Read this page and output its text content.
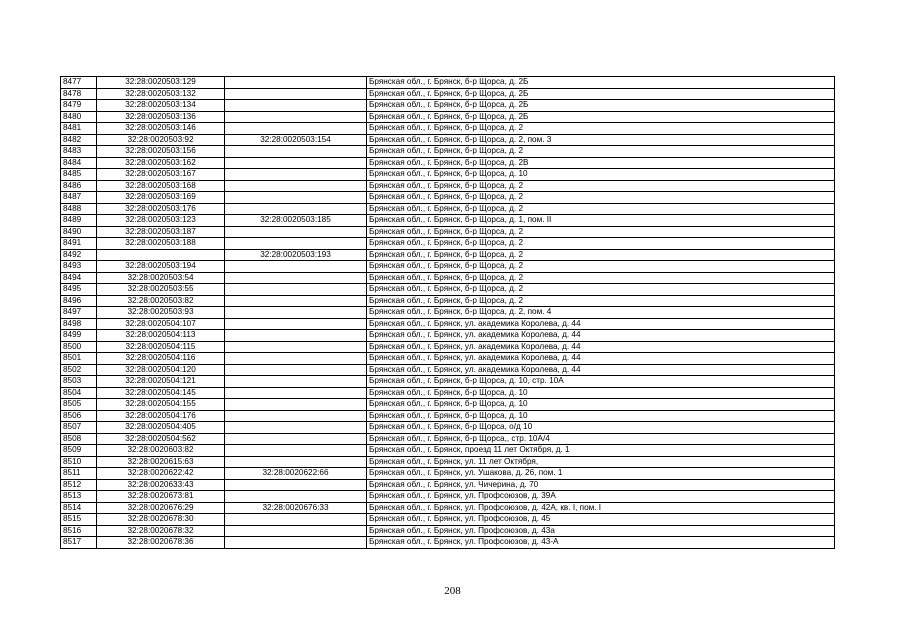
8477	32:28:0020503:129		Брянская обл., г. Брянск, б-р Щорса, д. 2Б
8478	32:28:0020503:132		Брянская обл., г. Брянск, б-р Щорса, д. 2Б
8479	32:28:0020503:134		Брянская обл., г. Брянск, б-р Щорса, д. 2Б
8480	32:28:0020503:136		Брянская обл., г. Брянск, б-р Щорса, д. 2Б
8481	32:28:0020503:146		Брянская обл., г. Брянск, б-р Щорса, д. 2
8482	32:28:0020503:92	32:28:0020503:154	Брянская обл., г. Брянск, б-р Щорса, д. 2, пом. 3
8483	32:28:0020503:156		Брянская обл., г. Брянск, б-р Щорса, д. 2
8484	32:28:0020503:162		Брянская обл., г. Брянск, б-р Щорса, д. 2В
8485	32:28:0020503:167		Брянская обл., г. Брянск, б-р Щорса, д. 10
8486	32:28:0020503:168		Брянская обл., г. Брянск, б-р Щорса, д. 2
8487	32:28:0020503:169		Брянская обл., г. Брянск, б-р Щорса, д. 2
8488	32:28:0020503:176		Брянская обл., г. Брянск, б-р Щорса, д. 2
8489	32:28:0020503:123	32:28:0020503:185	Брянская обл., г. Брянск, б-р Щорса, д. 1, пом. II
8490	32:28:0020503:187		Брянская обл., г. Брянск, б-р Щорса, д. 2
8491	32:28:0020503:188		Брянская обл., г. Брянск, б-р Щорса, д. 2
8492		32:28:0020503:193	Брянская обл., г. Брянск, б-р Щорса, д. 2
8493	32:28:0020503:194		Брянская обл., г. Брянск, б-р Щорса, д. 2
8494	32:28:0020503:54		Брянская обл., г. Брянск, б-р Щорса, д. 2
8495	32:28:0020503:55		Брянская обл., г. Брянск, б-р Щорса, д. 2
8496	32:28:0020503:82		Брянская обл., г. Брянск, б-р Щорса, д. 2
8497	32:28:0020503:93		Брянская обл., г. Брянск, б-р Щорса, д. 2, пом. 4
8498	32:28:0020504:107		Брянская обл., г. Брянск, ул. академика Королева, д. 44
8499	32:28:0020504:113		Брянская обл., г. Брянск, ул. академика Королева, д. 44
8500	32:28:0020504:115		Брянская обл., г. Брянск, ул. академика Королева, д. 44
8501	32:28:0020504:116		Брянская обл., г. Брянск, ул. академика Королева, д. 44
8502	32:28:0020504:120		Брянская обл., г. Брянск, ул. академика Королева, д. 44
8503	32:28:0020504:121		Брянская обл., г. Брянск, б-р Щорса, д. 10, стр. 10А
8504	32:28:0020504:145		Брянская обл., г. Брянск, б-р Щорса, д. 10
8505	32:28:0020504:155		Брянская обл., г. Брянск, б-р Щорса, д. 10
8506	32:28:0020504:176		Брянская обл., г. Брянск, б-р Щорса, д. 10
8507	32:28:0020504:405		Брянская обл., г. Брянск, б-р Щорса, о/д 10
8508	32:28:0020504:562		Брянская обл., г. Брянск, б-р Щорса,, стр. 10А/4
8509	32:28:0020603:82		Брянская обл., г. Брянск, проезд 11 лет Октября, д. 1
8510	32:28:0020615:63		Брянская обл., г. Брянск, ул. 11 лет Октября,
8511	32:28:0020622:42	32:28:0020622:66	Брянская обл., г. Брянск, ул. Ушакова, д. 26, пом. 1
8512	32:28:0020633:43		Брянская обл., г. Брянск, ул. Чичерина, д. 70
8513	32:28:0020673:81		Брянская обл., г. Брянск, ул. Профсоюзов, д. 39А
8514	32:28:0020676:29	32:28:0020676:33	Брянская обл., г. Брянск, ул. Профсоюзов, д. 42А, кв. I, пом. I
8515	32:28:0020678:30		Брянская обл., г. Брянск, ул. Профсоюзов, д. 45
8516	32:28:0020678:32		Брянская обл., г. Брянск, ул. Профсоюзов, д. 43а
8517	32:28:0020678:36		Брянская обл., г. Брянск, ул. Профсоюзов, д. 43-А
208
